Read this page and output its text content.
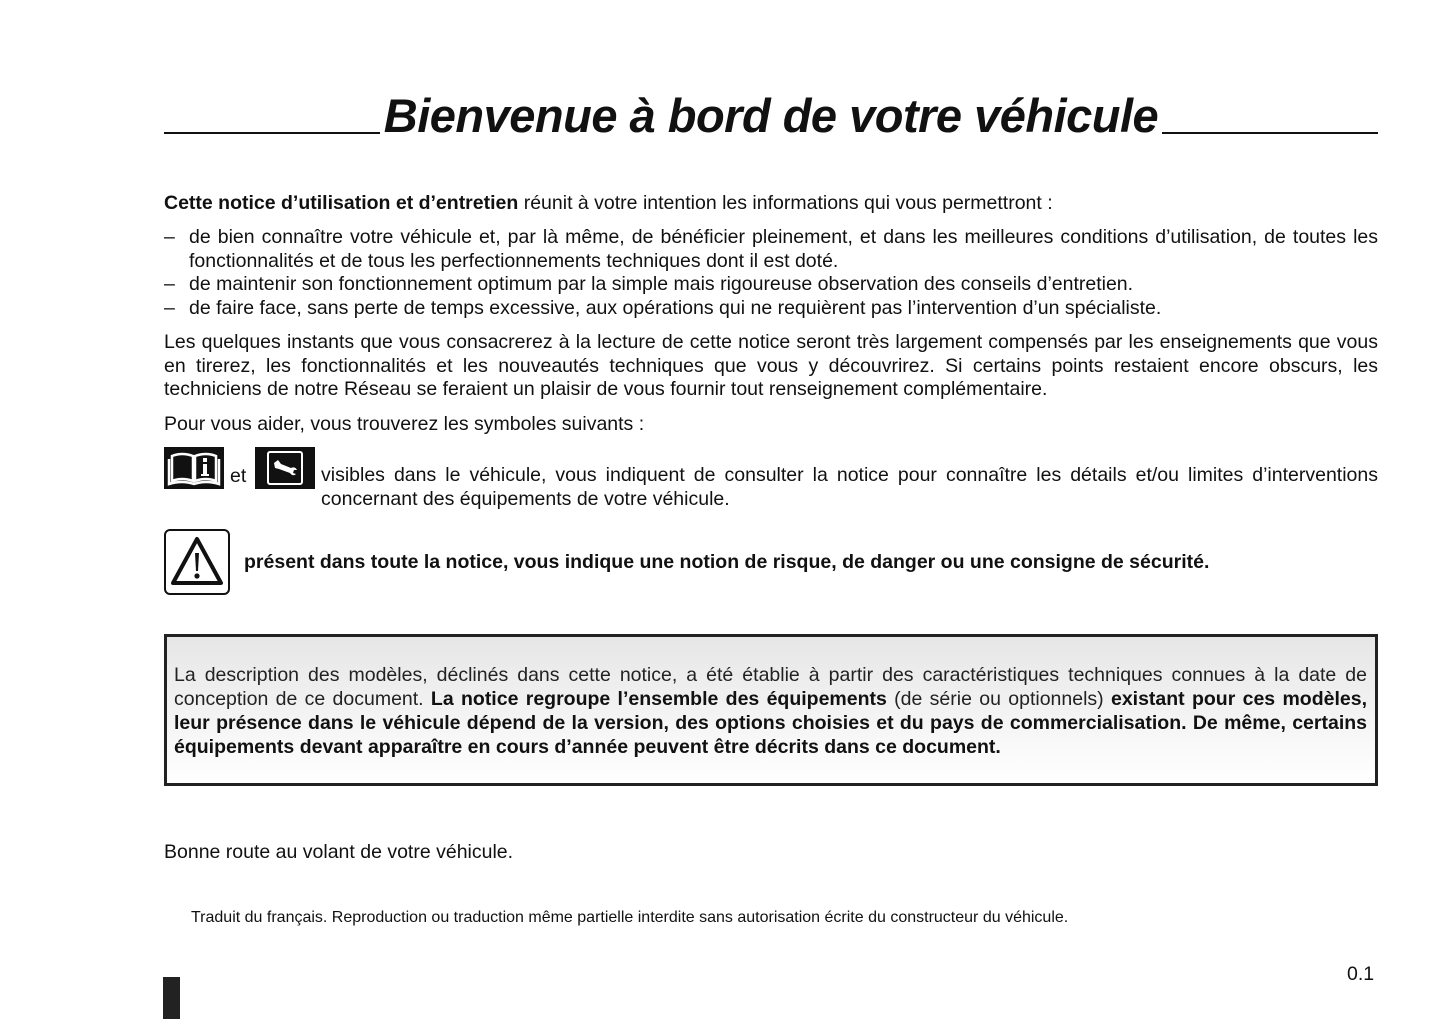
Bienvenue à bord de votre véhicule
Cette notice d’utilisation et d’entretien réunit à votre intention les informations qui vous permettront :
– de bien connaître votre véhicule et, par là même, de bénéficier pleinement, et dans les meilleures conditions d’utilisation, de toutes les fonctionnalités et de tous les perfectionnements techniques dont il est doté.
– de maintenir son fonctionnement optimum par la simple mais rigoureuse observation des conseils d’entretien.
– de faire face, sans perte de temps excessive, aux opérations qui ne requièrent pas l’intervention d’un spécialiste.
Les quelques instants que vous consacrerez à la lecture de cette notice seront très largement compensés par les enseignements que vous en tirerez, les fonctionnalités et les nouveautés techniques que vous y découvrirez. Si certains points restaient encore obscurs, les techniciens de notre Réseau se feraient un plaisir de vous fournir tout renseignement complémentaire.
Pour vous aider, vous trouverez les symboles suivants :
et	visibles dans le véhicule, vous indiquent de consulter la notice pour connaître les détails et/ou limites d’interventions concernant des équipements de votre véhicule.
présent dans toute la notice, vous indique une notion de risque, de danger ou une consigne de sécurité.
La description des modèles, déclinés dans cette notice, a été établie à partir des caractéristiques techniques connues à la date de conception de ce document. La notice regroupe l’ensemble des équipements (de série ou optionnels) existant pour ces modèles, leur présence dans le véhicule dépend de la version, des options choisies et du pays de commercialisation. De même, certains équipements devant apparaître en cours d’année peuvent être décrits dans ce document.
Bonne route au volant de votre véhicule.
Traduit du français. Reproduction ou traduction même partielle interdite sans autorisation écrite du constructeur du véhicule.
0.1
